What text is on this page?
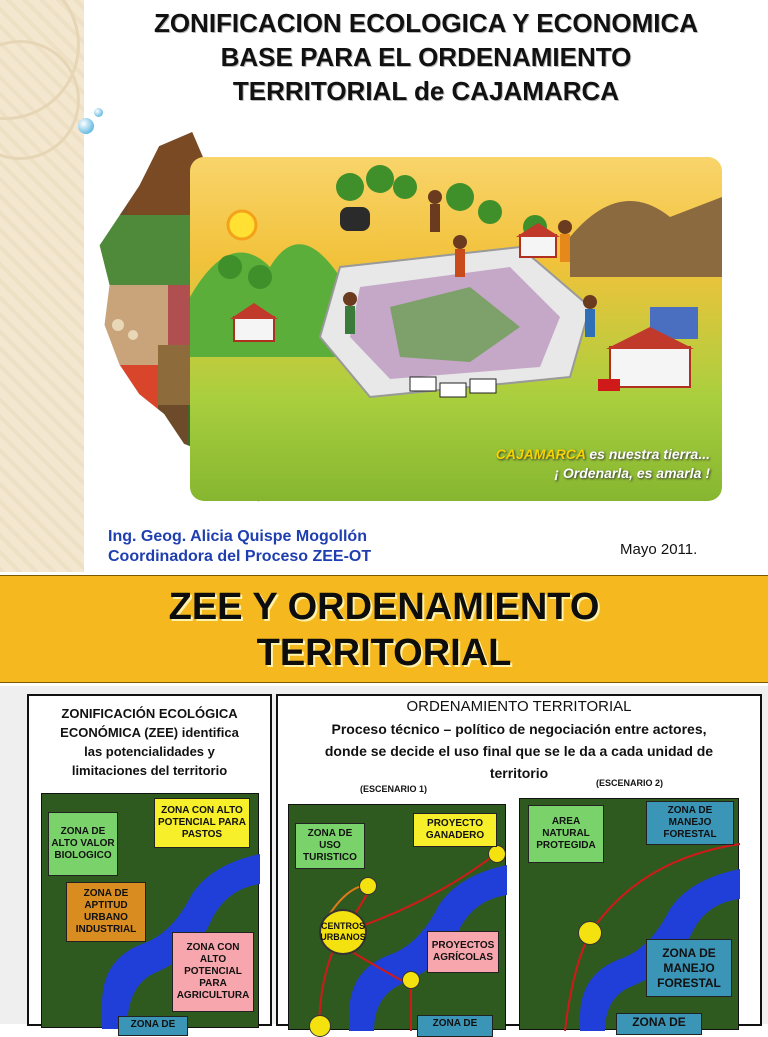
ZONIFICACION ECOLOGICA Y ECONOMICA
BASE PARA EL ORDENAMIENTO
TERRITORIAL de CAJAMARCA
CAJAMARCA es nuestra tierra...
¡ Ordenarla, es amarla !
Ing. Geog. Alicia Quispe Mogollón
Coordinadora del Proceso ZEE-OT	Mayo 2011.
ZEE Y ORDENAMIENTO
TERRITORIAL
ZONIFICACIÓN ECOLÓGICA
ECONÓMICA (ZEE) identifica
las potencialidades y
limitaciones del territorio
ZONA DE ALTO VALOR BIOLOGICO
ZONA CON ALTO POTENCIAL PARA PASTOS
ZONA DE APTITUD URBANO INDUSTRIAL
ZONA CON ALTO POTENCIAL PARA AGRICULTURA
ZONA DE
ORDENAMIENTO TERRITORIAL
Proceso técnico – político de negociación entre actores,
donde se decide el uso final que se le da a cada unidad de
territorio
(ESCENARIO 1)
(ESCENARIO 2)
CENTROS URBANOS
ZONA DE USO TURISTICO
PROYECTO GANADERO
PROYECTOS AGRÍCOLAS
ZONA DE
AREA NATURAL PROTEGIDA
ZONA DE MANEJO FORESTAL
ZONA DE MANEJO FORESTAL
ZONA DE
